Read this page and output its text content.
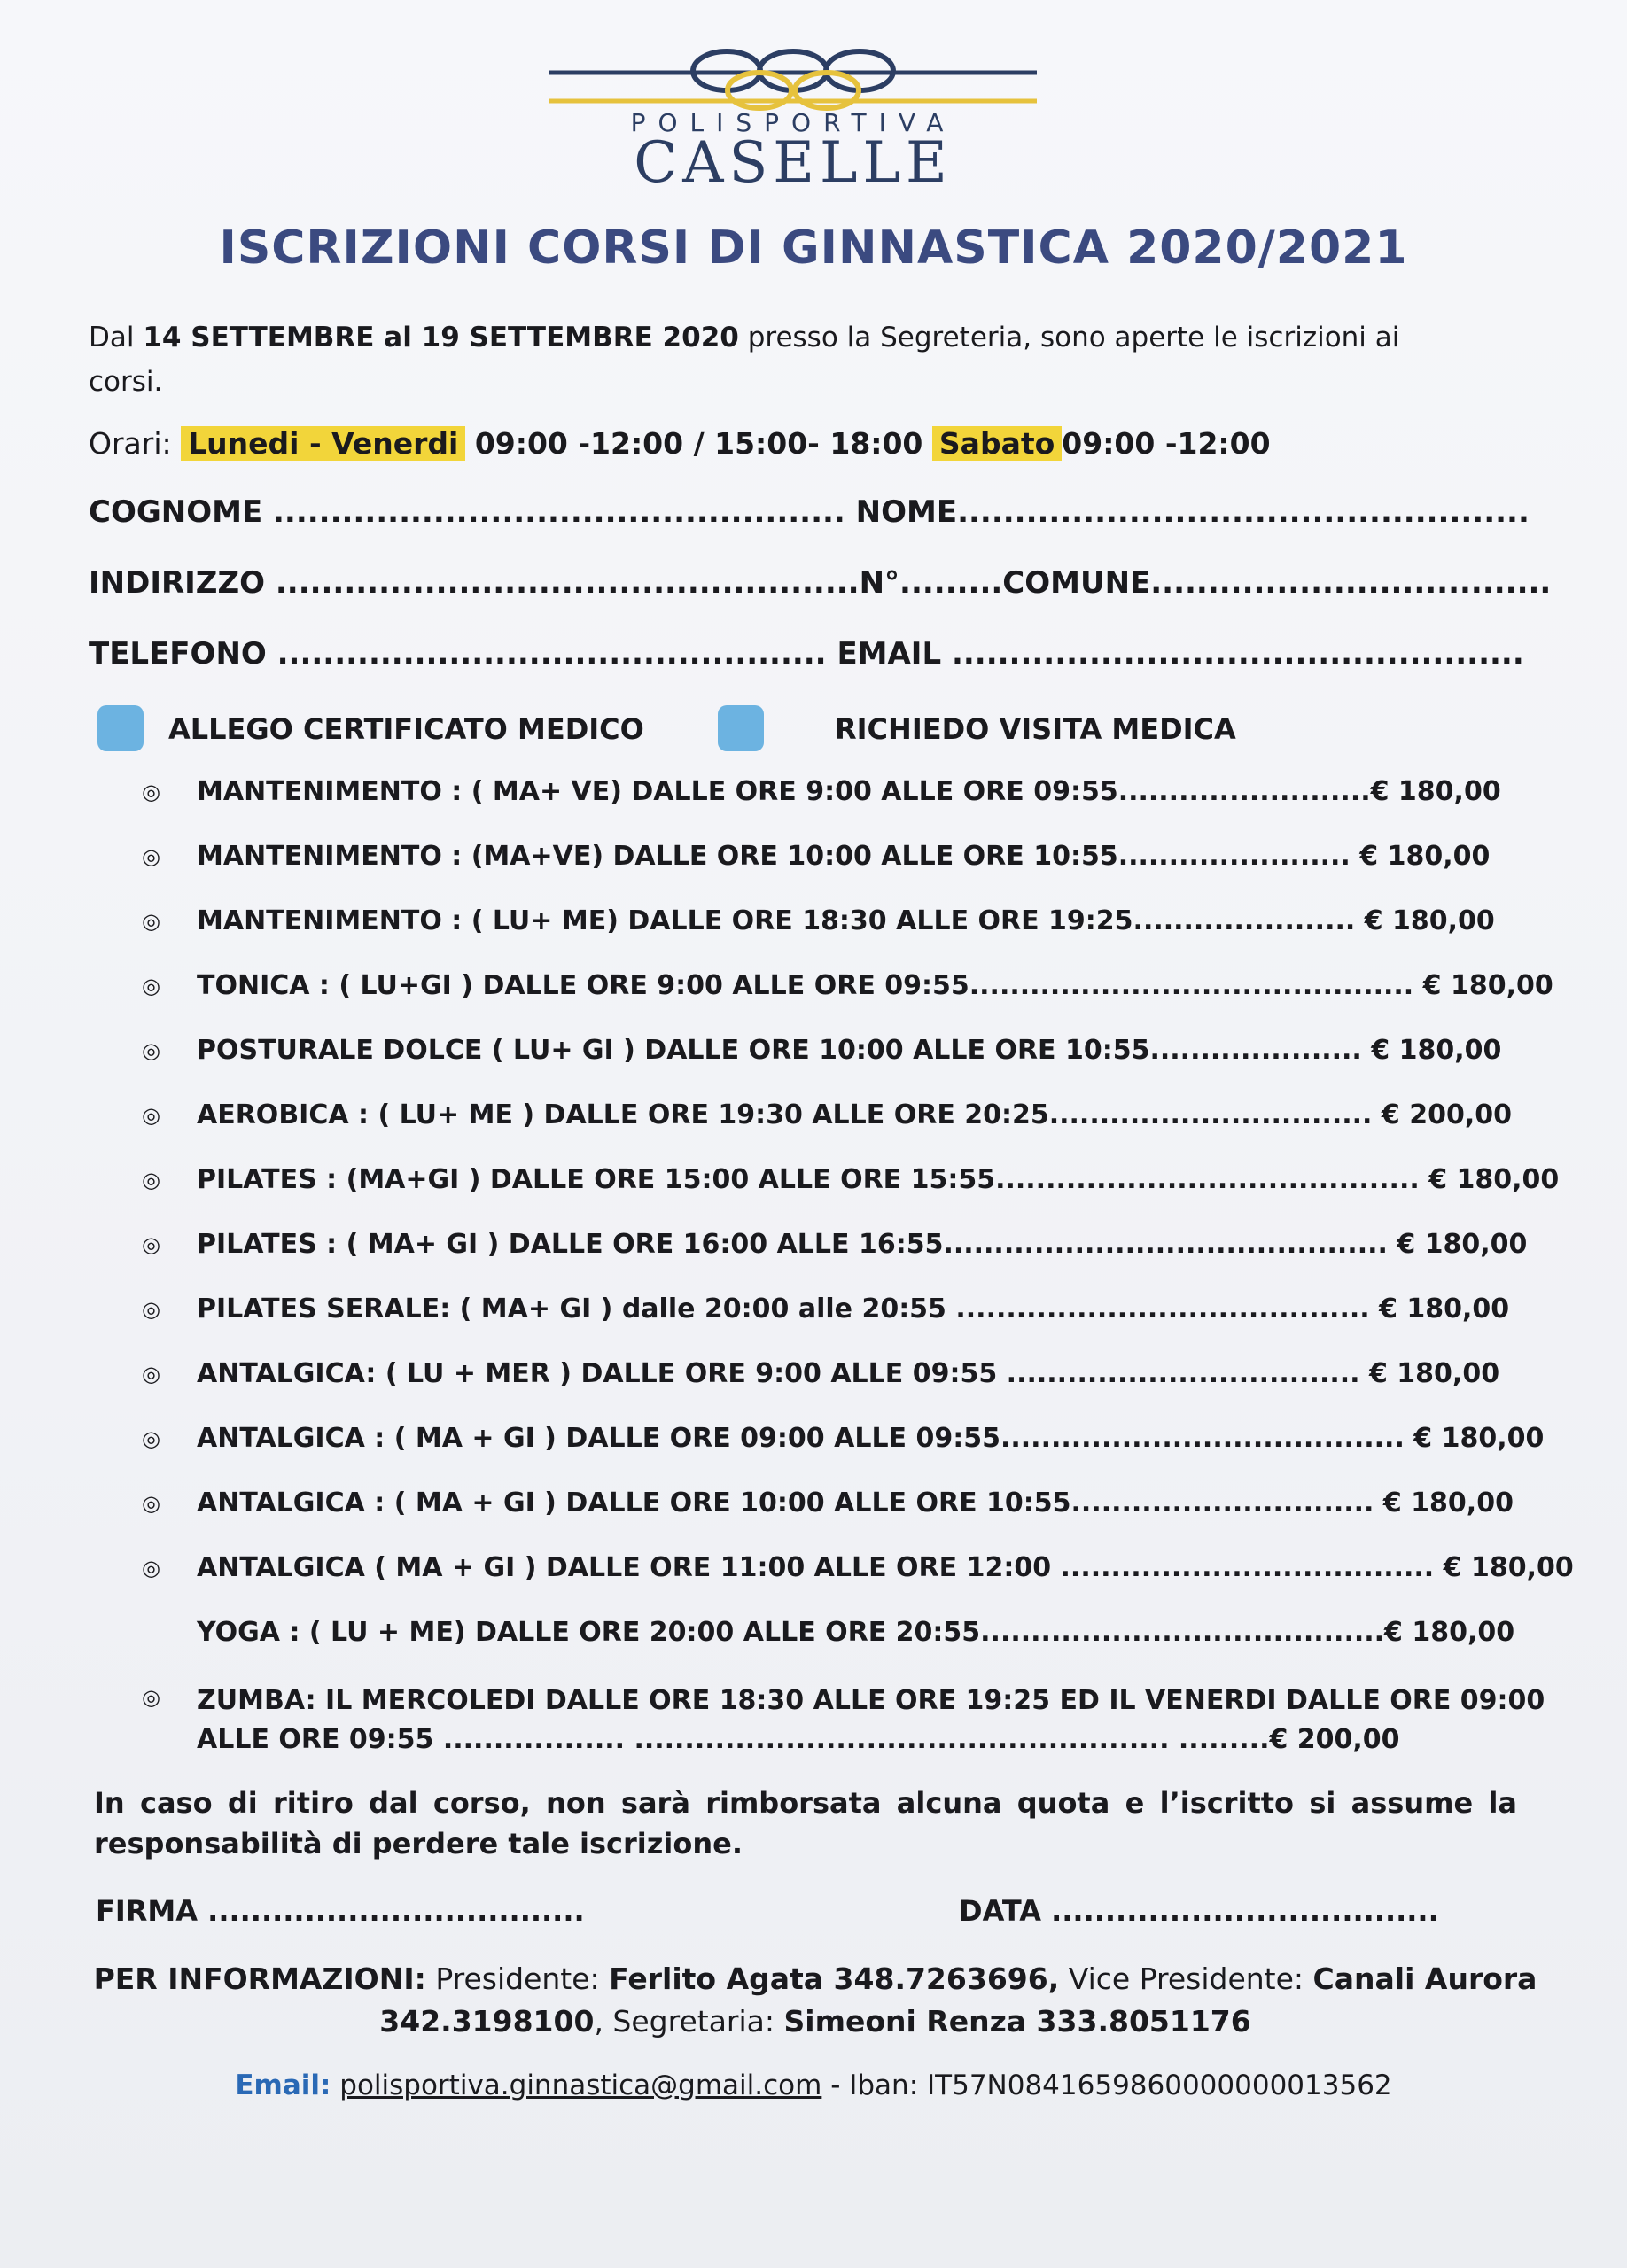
POLISPORTIVA
CASELLE
ISCRIZIONI CORSI DI GINNASTICA 2020/2021
Dal 14 SETTEMBRE al 19 SETTEMBRE 2020 presso la Segreteria, sono aperte le iscrizioni ai corsi.
Orari: Lunedi - Venerdi 09:00 -12:00 / 15:00- 18:00 Sabato 09:00 -12:00
COGNOME .................................................. NOME..................................................
INDIRIZZO ...................................................N°.........COMUNE...................................
TELEFONO ................................................ EMAIL ..................................................
ALLEGO CERTIFICATO MEDICO	RICHIEDO VISITA MEDICA
◎ MANTENIMENTO : ( MA+ VE) DALLE ORE 9:00 ALLE ORE 09:55.........................€ 180,00
◎ MANTENIMENTO : (MA+VE) DALLE ORE 10:00 ALLE ORE 10:55....................... € 180,00
◎ MANTENIMENTO : ( LU+ ME) DALLE ORE 18:30 ALLE ORE 19:25...................... € 180,00
◎ TONICA : ( LU+GI ) DALLE ORE 9:00 ALLE ORE 09:55............................................ € 180,00
◎ POSTURALE DOLCE ( LU+ GI ) DALLE ORE 10:00 ALLE ORE 10:55..................... € 180,00
◎ AEROBICA : ( LU+ ME ) DALLE ORE 19:30 ALLE ORE 20:25................................ € 200,00
◎ PILATES : (MA+GI ) DALLE ORE 15:00 ALLE ORE 15:55.......................................... € 180,00
◎ PILATES : ( MA+ GI ) DALLE ORE 16:00 ALLE 16:55............................................ € 180,00
◎ PILATES SERALE: ( MA+ GI ) dalle 20:00 alle 20:55 ......................................... € 180,00
◎ ANTALGICA: ( LU + MER ) DALLE ORE 9:00 ALLE 09:55 ................................... € 180,00
◎ ANTALGICA : ( MA + GI ) DALLE ORE 09:00 ALLE 09:55........................................ € 180,00
◎ ANTALGICA : ( MA + GI ) DALLE ORE 10:00 ALLE ORE 10:55.............................. € 180,00
◎ ANTALGICA ( MA + GI ) DALLE ORE 11:00 ALLE ORE 12:00 ..................................... € 180,00
YOGA : ( LU + ME) DALLE ORE 20:00 ALLE ORE 20:55........................................€ 180,00
◎ ZUMBA: IL MERCOLEDI DALLE ORE 18:30 ALLE ORE 19:25 ED IL VENERDI DALLE ORE 09:00 ALLE ORE 09:55 .................. ..................................................... .........€ 200,00
In caso di ritiro dal corso, non sarà rimborsata alcuna quota e l’iscritto si assume la responsabilità di perdere tale iscrizione.
FIRMA ...................................	DATA ....................................
PER INFORMAZIONI: Presidente: Ferlito Agata 348.7263696, Vice Presidente: Canali Aurora 342.3198100, Segretaria: Simeoni Renza 333.8051176
Email: polisportiva.ginnastica@gmail.com - Iban: IT57N0841659860000000013562
